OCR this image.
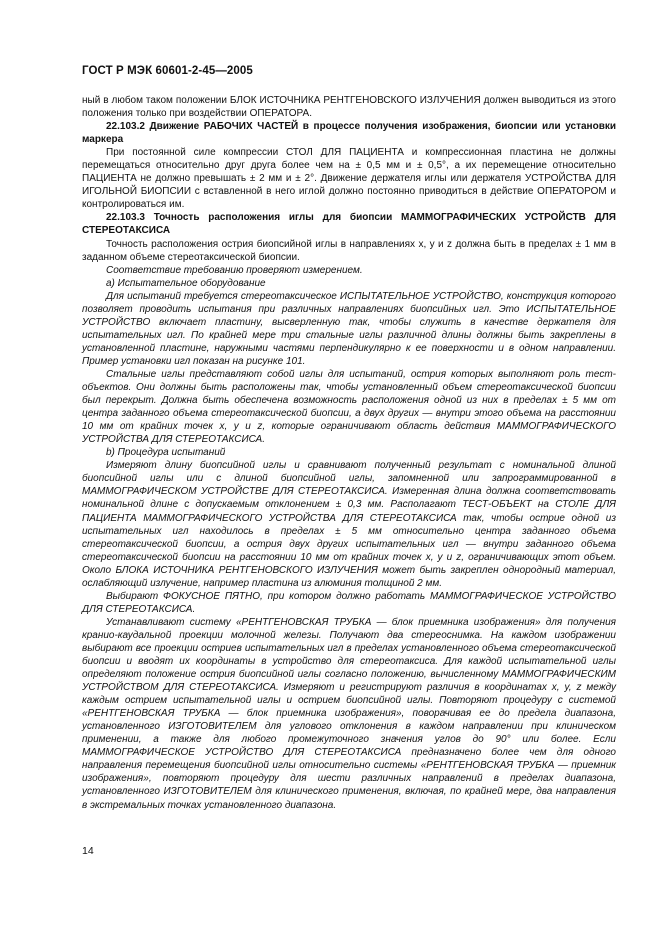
ГОСТ Р МЭК 60601-2-45—2005

ный в любом таком положении БЛОК ИСТОЧНИКА РЕНТГЕНОВСКОГО ИЗЛУЧЕНИЯ должен выводиться из этого положения только при воздействии ОПЕРАТОРА.

22.103.2 Движение РАБОЧИХ ЧАСТЕЙ в процессе получения изображения, биопсии или установки маркера

При постоянной силе компрессии СТОЛ ДЛЯ ПАЦИЕНТА и компрессионная пластина не должны перемещаться относительно друг друга более чем на ± 0,5 мм и ± 0,5°, а их перемещение относительно ПАЦИЕНТА не должно превышать ± 2 мм и ± 2°. Движение держателя иглы или держателя УСТРОЙСТВА ДЛЯ ИГОЛЬНОЙ БИОПСИИ с вставленной в него иглой должно постоянно приводиться в действие ОПЕРАТОРОМ и контролироваться им.

22.103.3 Точность расположения иглы для биопсии МАММОГРАФИЧЕСКИХ УСТРОЙСТВ ДЛЯ СТЕРЕОТАКСИСА

Точность расположения острия биопсийной иглы в направлениях x, y и z должна быть в пределах ± 1 мм в заданном объеме стереотаксической биопсии.

Соответствие требованию проверяют измерением.

а) Испытательное оборудование

Для испытаний требуется стереотаксическое ИСПЫТАТЕЛЬНОЕ УСТРОЙСТВО, конструкция которого позволяет проводить испытания при различных направлениях биопсийных игл. Это ИСПЫТАТЕЛЬНОЕ УСТРОЙСТВО включает пластину, высверленную так, чтобы служить в качестве держателя для испытательных игл. По крайней мере три стальные иглы различной длины должны быть закреплены в установленной пластине, наружными частями перпендикулярно к ее поверхности и в одном направлении. Пример установки игл показан на рисунке 101.

Стальные иглы представляют собой иглы для испытаний, острия которых выполняют роль тест-объектов. Они должны быть расположены так, чтобы установленный объем стереотаксической биопсии был перекрыт. Должна быть обеспечена возможность расположения одной из них в пределах ± 5 мм от центра заданного объема стереотаксической биопсии, а двух других — внутри этого объема на расстоянии 10 мм от крайних точек x, y и z, которые ограничивают область действия МАММОГРАФИЧЕСКОГО УСТРОЙСТВА ДЛЯ СТЕРЕОТАКСИСА.

b) Процедура испытаний

Измеряют длину биопсийной иглы и сравнивают полученный результат с номинальной длиной биопсийной иглы или с длиной биопсийной иглы, запомненной или запрограммированной в МАММОГРАФИЧЕСКОМ УСТРОЙСТВЕ ДЛЯ СТЕРЕОТАКСИСА. Измеренная длина должна соответствовать номинальной длине с допускаемым отклонением ± 0,3 мм. Располагают ТЕСТ-ОБЪЕКТ на СТОЛЕ ДЛЯ ПАЦИЕНТА МАММОГРАФИЧЕСКОГО УСТРОЙСТВА ДЛЯ СТЕРЕОТАКСИСА так, чтобы острие одной из испытательных игл находилось в пределах ± 5 мм относительно центра заданного объема стереотаксической биопсии, а острия двух других испытательных игл — внутри заданного объема стереотаксической биопсии на расстоянии 10 мм от крайних точек x, y и z, ограничивающих этот объем. Около БЛОКА ИСТОЧНИКА РЕНТГЕНОВСКОГО ИЗЛУЧЕНИЯ может быть закреплен однородный материал, ослабляющий излучение, например пластина из алюминия толщиной 2 мм.

Выбирают ФОКУСНОЕ ПЯТНО, при котором должно работать МАММОГРАФИЧЕСКОЕ УСТРОЙСТВО ДЛЯ СТЕРЕОТАКСИСА.

Устанавливают систему «РЕНТГЕНОВСКАЯ ТРУБКА — блок приемника изображения» для получения кранио-каудальной проекции молочной железы. Получают два стереоснимка. На каждом изображении выбирают все проекции остриев испытательных игл в пределах установленного объема стереотаксической биопсии и вводят их координаты в устройство для стереотаксиса. Для каждой испытательной иглы определяют положение острия биопсийной иглы согласно положению, вычисленному МАММОГРАФИЧЕСКИМ УСТРОЙСТВОМ ДЛЯ СТЕРЕОТАКСИСА. Измеряют и регистрируют различия в координатах x, y, z между каждым острием испытательной иглы и острием биопсийной иглы. Повторяют процедуру с системой «РЕНТГЕНОВСКАЯ ТРУБКА — блок приемника изображения», поворачивая ее до предела диапазона, установленного ИЗГОТОВИТЕЛЕМ для углового отклонения в каждом направлении при клиническом применении, а также для любого промежуточного значения углов до 90° или более. Если МАММОГРАФИЧЕСКОЕ УСТРОЙСТВО ДЛЯ СТЕРЕОТАКСИСА предназначено более чем для одного направления перемещения биопсийной иглы относительно системы «РЕНТГЕНОВСКАЯ ТРУБКА — приемник изображения», повторяют процедуру для шести различных направлений в пределах диапазона, установленного ИЗГОТОВИТЕЛЕМ для клинического применения, включая, по крайней мере, два направления в экстремальных точках установленного диапазона.

14
